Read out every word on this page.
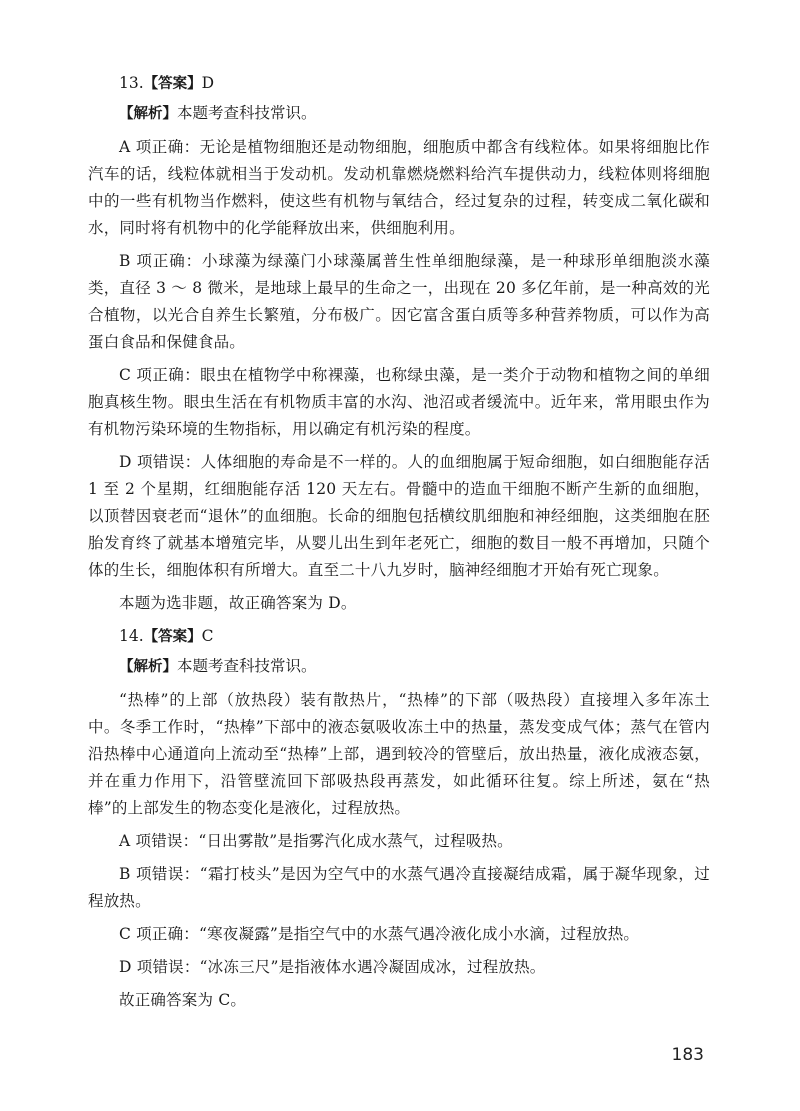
13.【答案】D
【解析】本题考查科技常识。

A 项正确：无论是植物细胞还是动物细胞，细胞质中都含有线粒体。如果将细胞比作汽车的话，线粒体就相当于发动机。发动机靠燃烧燃料给汽车提供动力，线粒体则将细胞中的一些有机物当作燃料，使这些有机物与氧结合，经过复杂的过程，转变成二氧化碳和水，同时将有机物中的化学能释放出来，供细胞利用。

B 项正确：小球藻为绿藻门小球藻属普生性单细胞绿藻，是一种球形单细胞淡水藻类，直径 3 ～ 8 微米，是地球上最早的生命之一，出现在 20 多亿年前，是一种高效的光合植物，以光合自养生长繁殖，分布极广。因它富含蛋白质等多种营养物质，可以作为高蛋白食品和保健食品。

C 项正确：眼虫在植物学中称裸藻，也称绿虫藻，是一类介于动物和植物之间的单细胞真核生物。眼虫生活在有机物质丰富的水沟、池沼或者缓流中。近年来，常用眼虫作为有机物污染环境的生物指标，用以确定有机污染的程度。

D 项错误：人体细胞的寿命是不一样的。人的血细胞属于短命细胞，如白细胞能存活 1 至 2 个星期，红细胞能存活 120 天左右。骨髓中的造血干细胞不断产生新的血细胞，以顶替因衰老而“退休”的血细胞。长命的细胞包括横纹肌细胞和神经细胞，这类细胞在胚胎发育终了就基本增殖完毕，从婴儿出生到年老死亡，细胞的数目一般不再增加，只随个体的生长，细胞体积有所增大。直至二十八九岁时，脑神经细胞才开始有死亡现象。

本题为选非题，故正确答案为 D。

14.【答案】C
【解析】本题考查科技常识。

“热棒”的上部（放热段）装有散热片，“热棒”的下部（吸热段）直接埋入多年冻土中。冬季工作时，“热棒”下部中的液态氨吸收冻土中的热量，蒸发变成气体；蒸气在管内沿热棒中心通道向上流动至“热棒”上部，遇到较冷的管壁后，放出热量，液化成液态氨，并在重力作用下，沿管壁流回下部吸热段再蒸发，如此循环往复。综上所述，氨在“热棒”的上部发生的物态变化是液化，过程放热。

A 项错误：“日出雾散”是指雾汽化成水蒸气，过程吸热。

B 项错误：“霜打枝头”是因为空气中的水蒸气遇冷直接凝结成霜，属于凝华现象，过程放热。

C 项正确：“寒夜凝露”是指空气中的水蒸气遇冷液化成小水滴，过程放热。

D 项错误：“冰冻三尺”是指液体水遇冷凝固成冰，过程放热。

故正确答案为 C。

183
